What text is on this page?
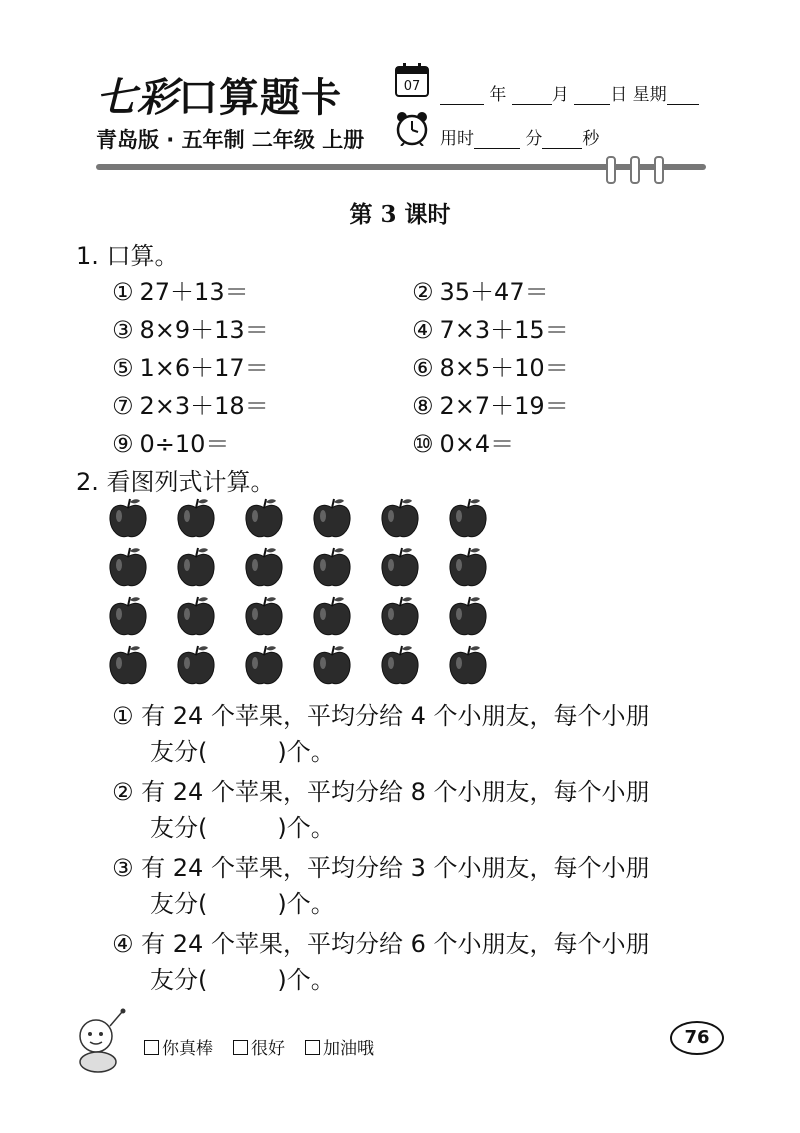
七彩口算题卡
青岛版 · 五年制 二年级 上册
07	年	月 日 星期
用时	分 秒
第 3 课时
1. 口算。
① 27＋13＝	② 35＋47＝
③ 8×9＋13＝	④ 7×3＋15＝
⑤ 1×6＋17＝	⑥ 8×5＋10＝
⑦ 2×3＋18＝	⑧ 2×7＋19＝
⑨ 0÷10＝	⑩ 0×4＝
2. 看图列式计算。
① 有 24 个苹果，平均分给 4 个小朋友，每个小朋
友分(	)个。
② 有 24 个苹果，平均分给 8 个小朋友，每个小朋
友分(	)个。
③ 有 24 个苹果，平均分给 3 个小朋友，每个小朋
友分(	)个。
④ 有 24 个苹果，平均分给 6 个小朋友，每个小朋
友分(	)个。
你真棒	很好	加油哦
76
